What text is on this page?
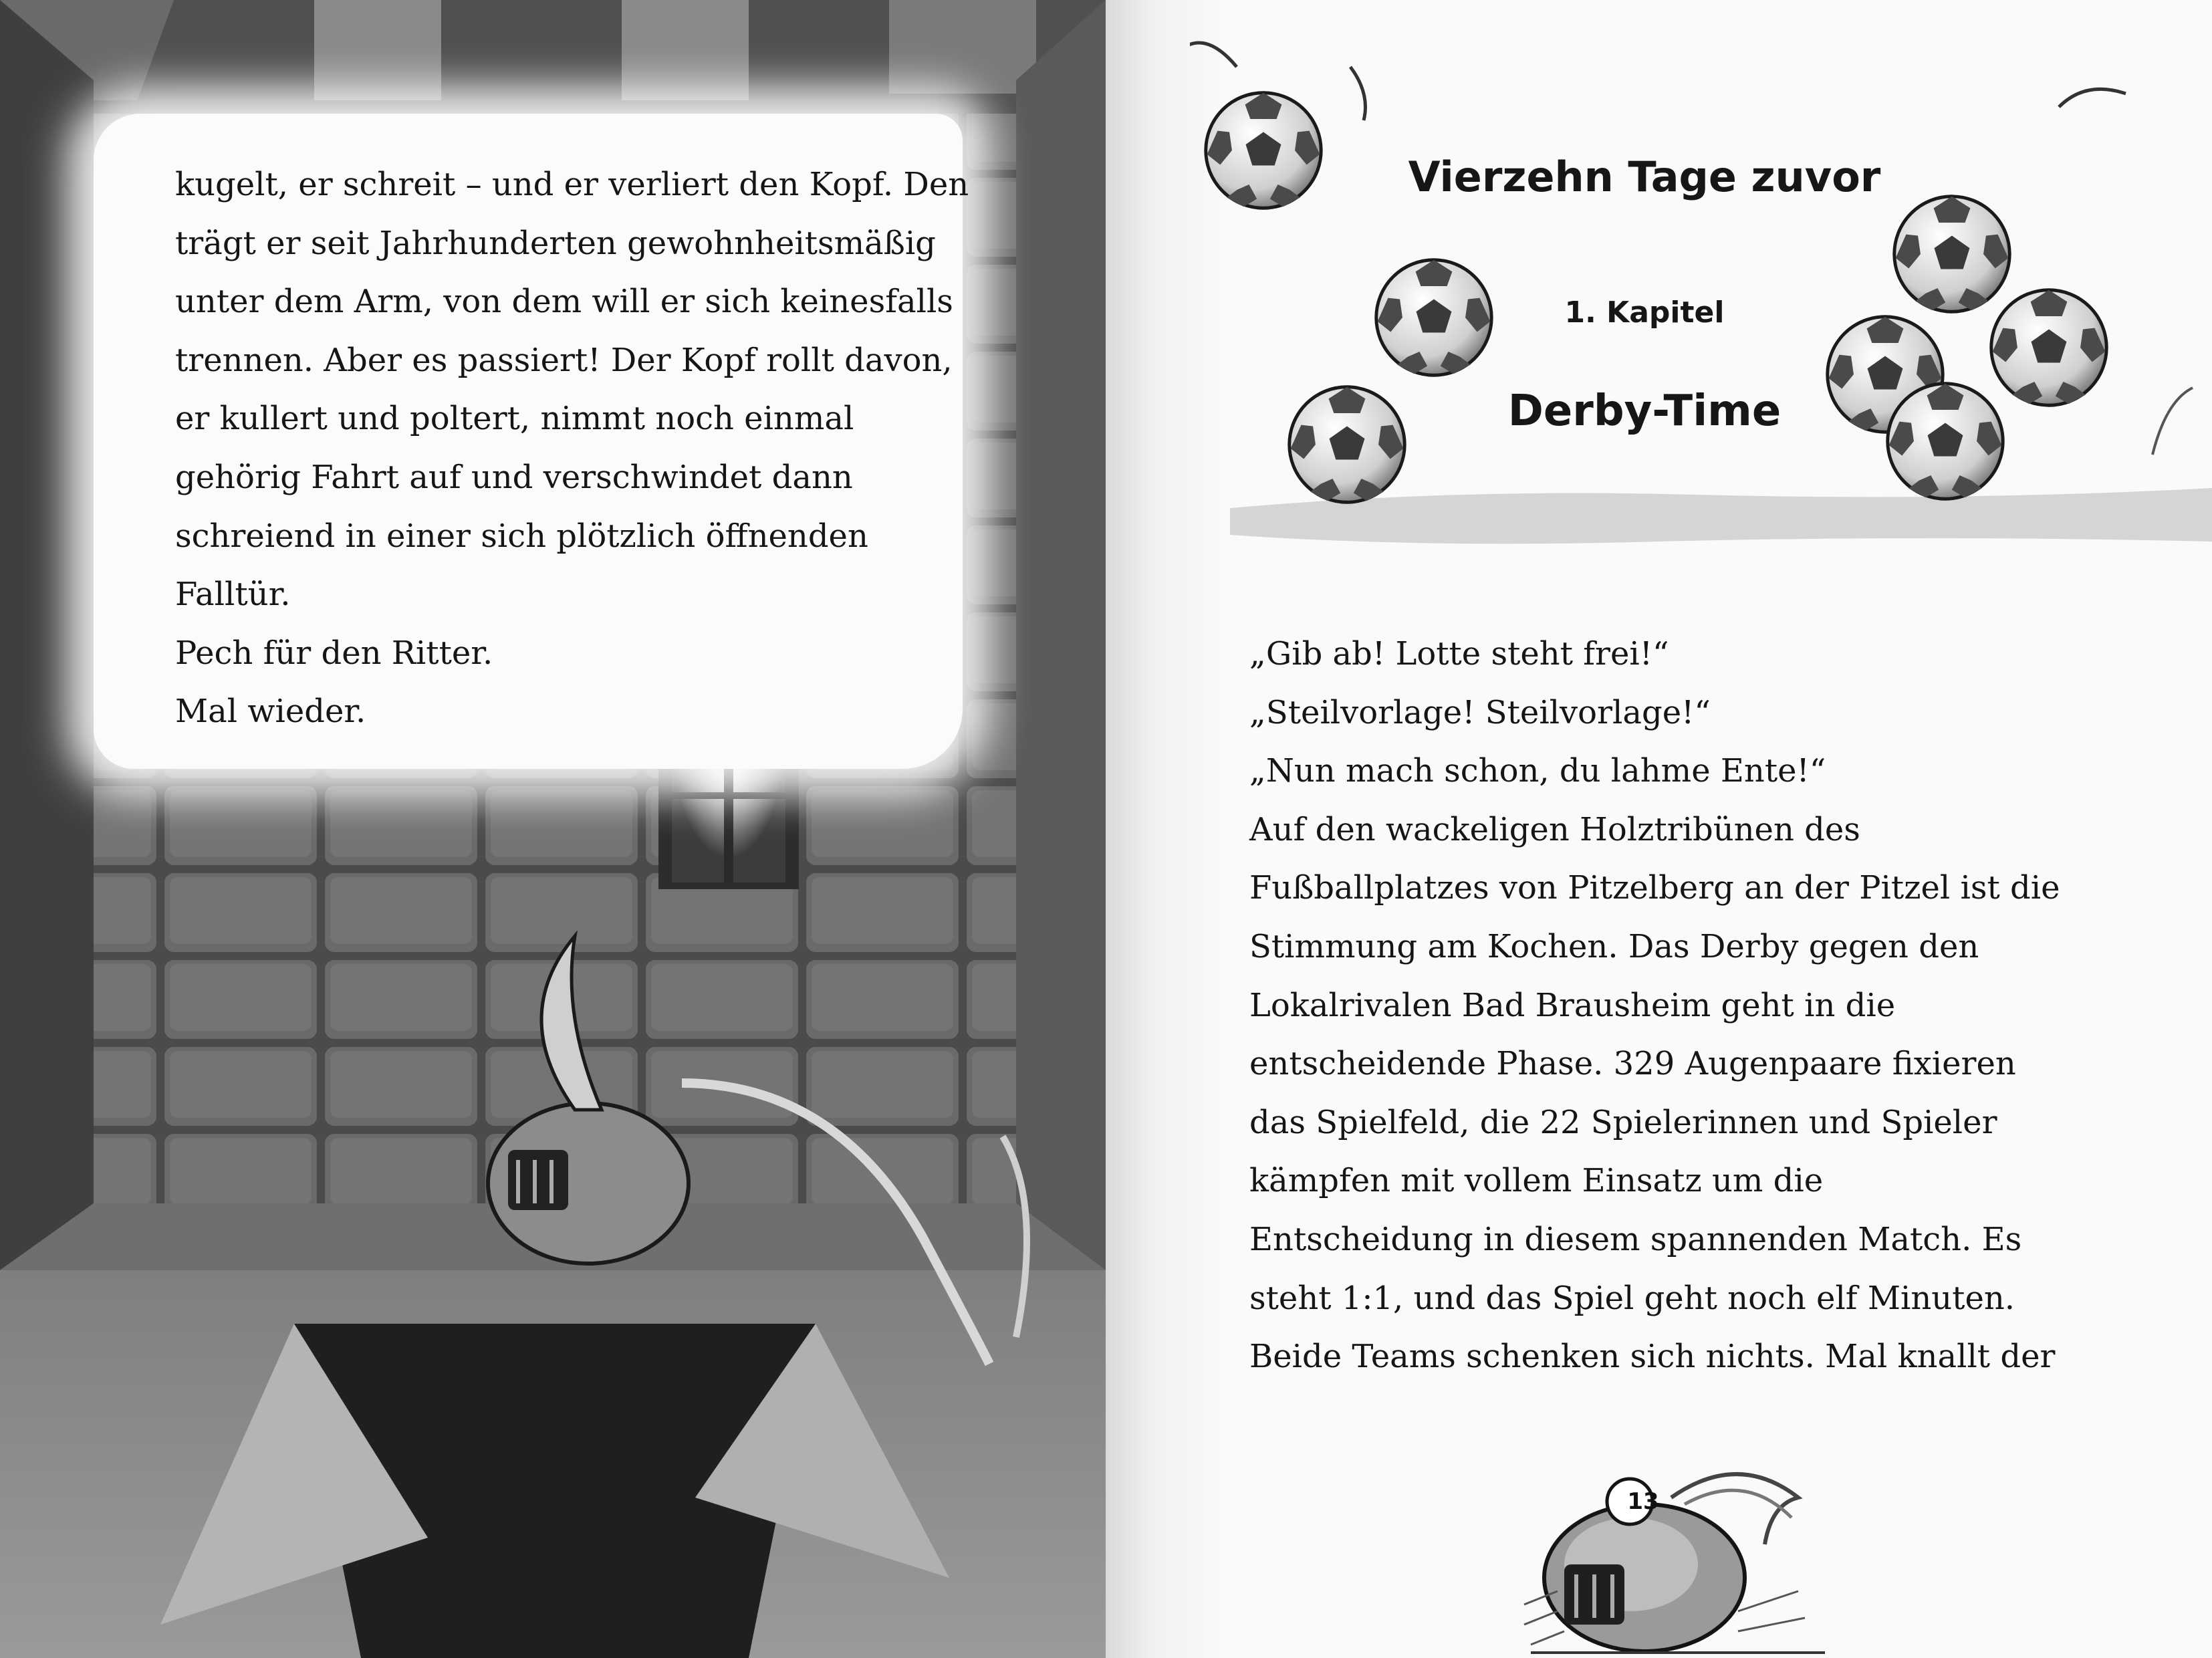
kugelt, er schreit – und er verliert den Kopf. Den
trägt er seit Jahrhunderten gewohnheitsmäßig
unter dem Arm, von dem will er sich keinesfalls
trennen. Aber es passiert! Der Kopf rollt davon,
er kullert und poltert, nimmt noch einmal
gehörig Fahrt auf und verschwindet dann
schreiend in einer sich plötzlich öffnenden
Falltür.
Pech für den Ritter.
Mal wieder.
Vierzehn Tage zuvor
1. Kapitel
Derby-Time
„Gib ab! Lotte steht frei!“
„Steilvorlage! Steilvorlage!“
„Nun mach schon, du lahme Ente!“
Auf den wackeligen Holztribünen des
Fußballplatzes von Pitzelberg an der Pitzel ist die
Stimmung am Kochen. Das Derby gegen den
Lokalrivalen Bad Brausheim geht in die
entscheidende Phase. 329 Augenpaare fixieren
das Spielfeld, die 22 Spielerinnen und Spieler
kämpfen mit vollem Einsatz um die
Entscheidung in diesem spannenden Match. Es
steht 1:1, und das Spiel geht noch elf Minuten.
Beide Teams schenken sich nichts. Mal knallt der
13
